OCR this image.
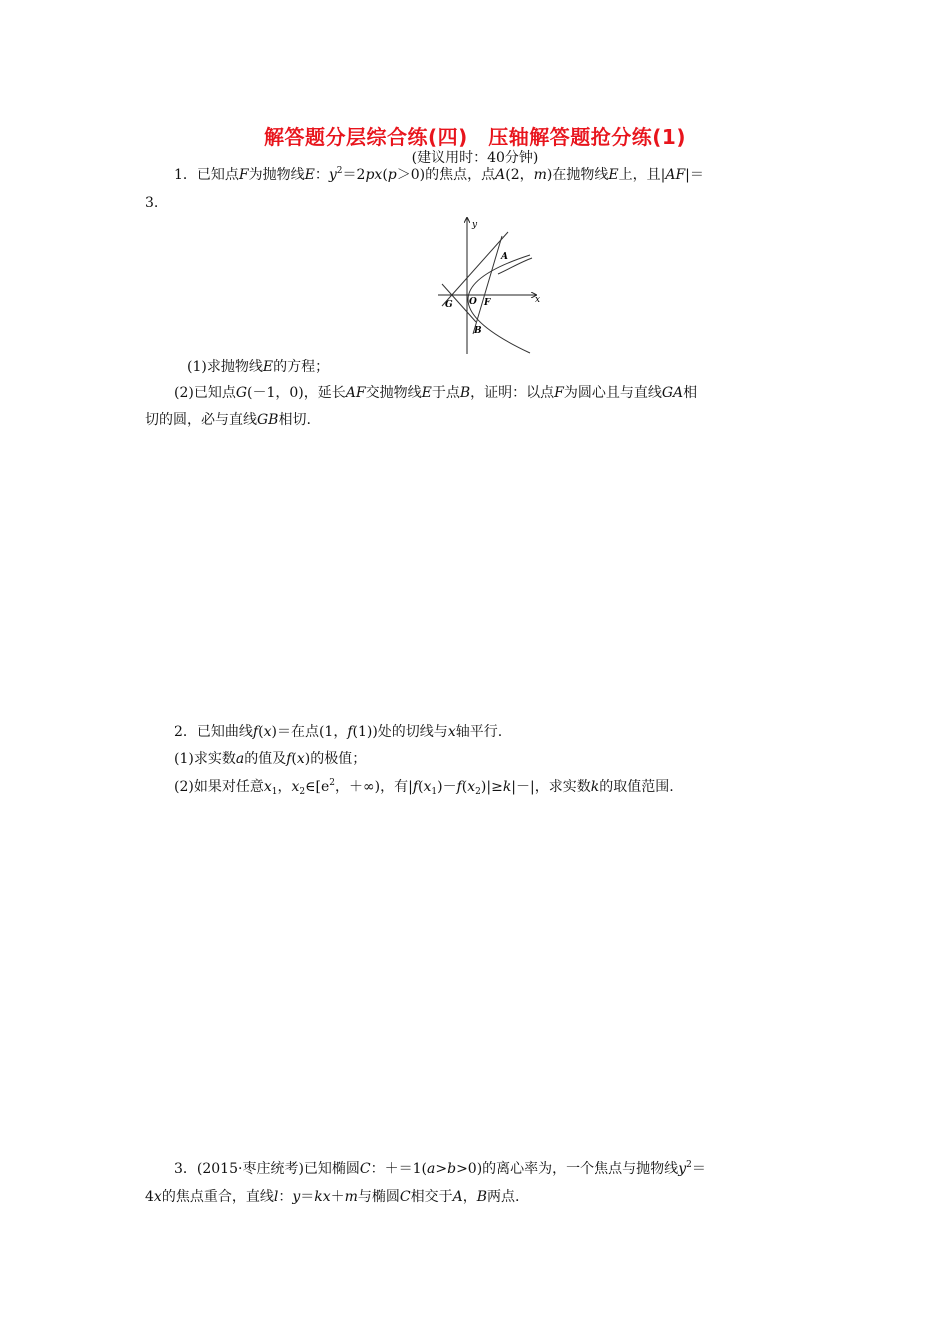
解答题分层综合练(四)　压轴解答题抢分练(1)
(建议用时：40分钟)
1．已知点F为抛物线E：$y^2=2px(p>0)$的焦点，点A(2，m)在抛物线E上，且|AF|＝
3.
y
x
A
B
G O F
(1)求抛物线E的方程；
(2)已知点G(－1，0)，延长AF交抛物线E于点B，证明：以点F为圆心且与直线GA相
切的圆，必与直线GB相切.
2．已知曲线f(x)＝在点(1，f(1))处的切线与x轴平行.
(1)求实数a的值及f(x)的极值；
(2)如果对任意$x_1$，$x_2\in[e^2$，＋∞)，有$|f(x_1)-f(x_2)|\ge k|-|$，求实数k的取值范围.
3．(2015·枣庄统考)已知椭圆C：＋＝1(a>b>0)的离心率为，一个焦点与抛物线$y^2=$
4x的焦点重合，直线l：y＝kx＋m与椭圆C相交于A，B两点.
